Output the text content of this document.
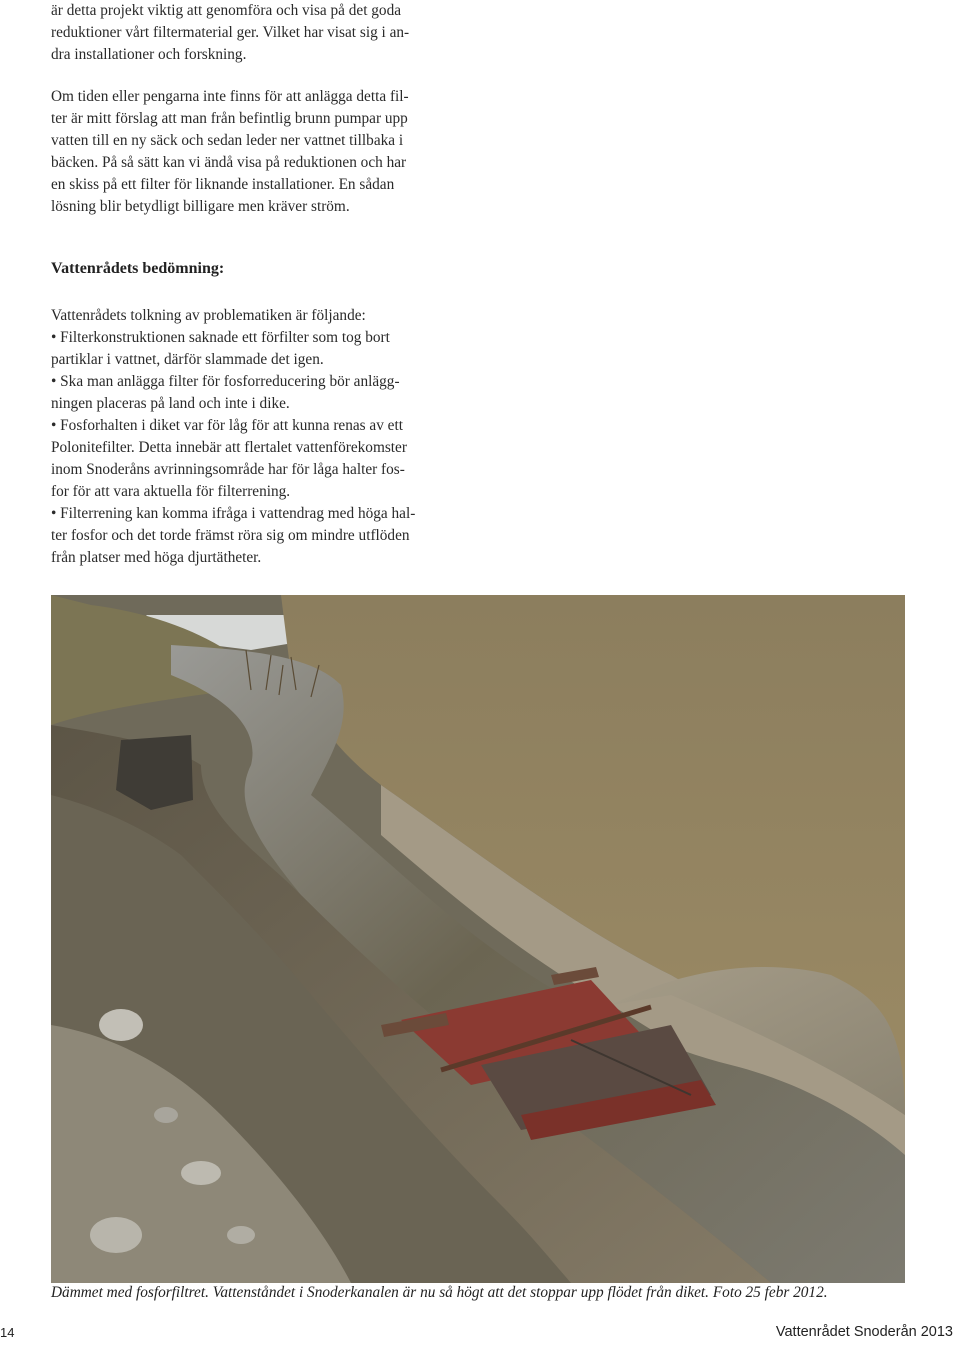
är detta projekt viktig att genomföra och visa på det goda
reduktioner vårt filtermaterial ger. Vilket har visat sig i an-
dra installationer och forskning.
Om tiden eller pengarna inte finns för att anlägga detta fil-
ter är mitt förslag att man från befintlig brunn pumpar upp
vatten till en ny säck och sedan leder ner vattnet tillbaka i
bäcken. På så sätt kan vi ändå visa på reduktionen och har
en skiss på ett filter för liknande installationer. En sådan
lösning blir betydligt billigare men kräver ström.
Vattenrådets bedömning:
Vattenrådets tolkning av problematiken är följande:
• Filterkonstruktionen saknade ett förfilter som tog bort
partiklar i vattnet, därför slammade det igen.
• Ska man anlägga filter för fosforreducering bör anlägg-
ningen placeras på land och inte i dike.
• Fosforhalten i diket var för låg för att kunna renas av ett
Polonitefilter. Detta innebär att flertalet vattenförekomster
inom Snoderåns avrinningsområde har för låga halter fos-
for för att vara aktuella för filterrening.
• Filterrening kan komma ifråga i vattendrag med höga hal-
ter fosfor och det torde främst röra sig om mindre utflöden
från platser med höga djurtätheter.
Dämmet med fosforfiltret. Vattenståndet i Snoderkanalen är nu så högt att det stoppar upp flödet från diket. Foto 25 febr 2012.
14	Vattenrådet Snoderån 2013
